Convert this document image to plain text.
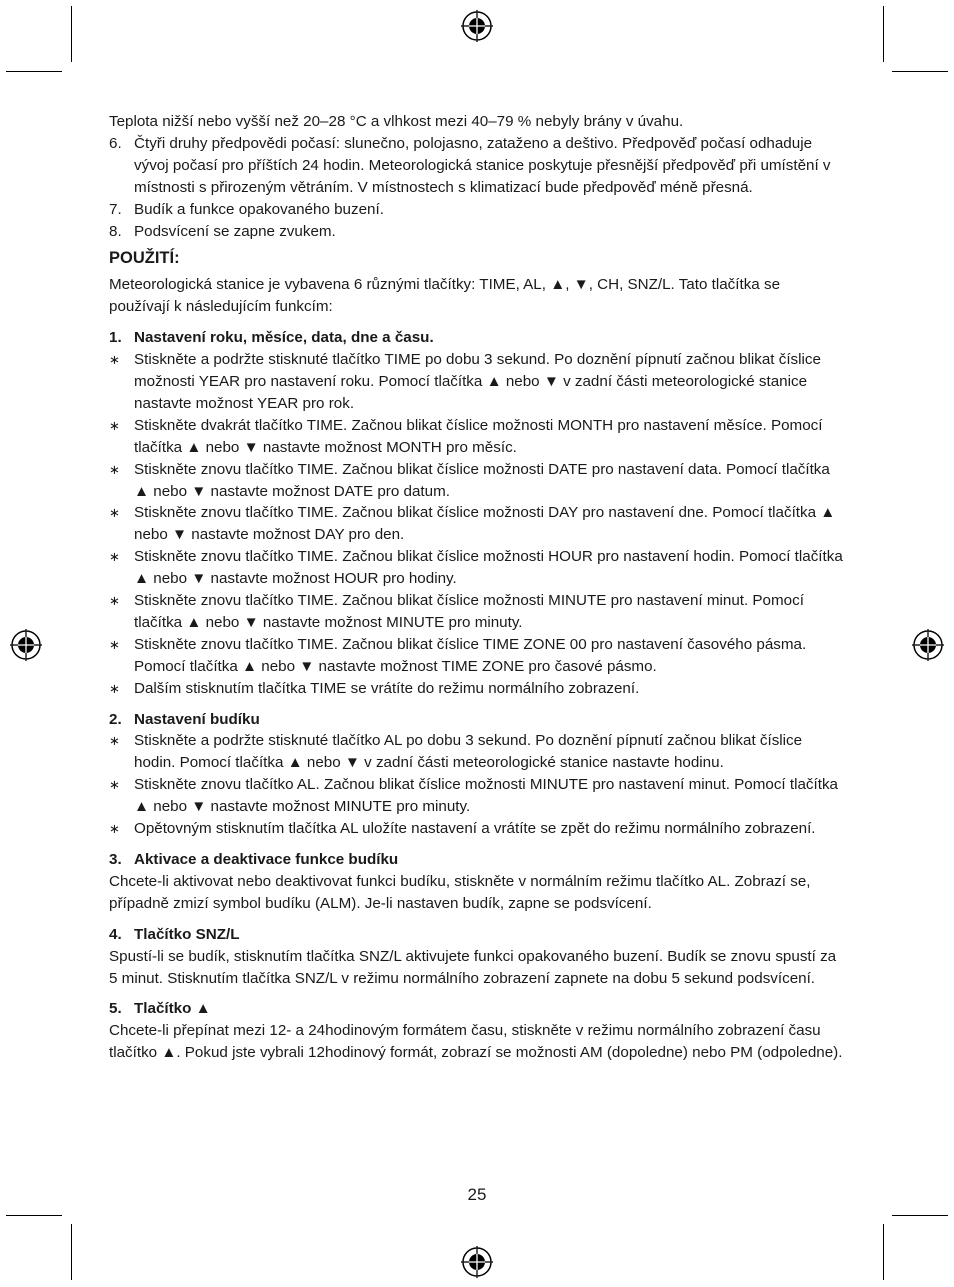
Teplota nižší nebo vyšší než 20–28 °C a vlhkost mezi 40–79 % nebyly brány v úvahu.

6. Čtyři druhy předpovědi počasí: slunečno, polojasno, zataženo a deštivo. Předpověď počasí odhaduje vývoj počasí pro příštích 24 hodin. Meteorologická stanice poskytuje přesnější předpověď při umístění v místnosti s přirozeným větráním. V místnostech s klimatizací bude předpověď méně přesná.
7. Budík a funkce opakovaného buzení.
8. Podsvícení se zapne zvukem.
POUŽITÍ:

Meteorologická stanice je vybavena 6 různými tlačítky: TIME, AL, ▲, ▼, CH, SNZ/L. Tato tlačítka se používají k následujícím funkcím:

1. Nastavení roku, měsíce, data, dne a času.
∗ Stiskněte a podržte stisknuté tlačítko TIME po dobu 3 sekund. Po doznění pípnutí začnou blikat číslice možnosti YEAR pro nastavení roku. Pomocí tlačítka ▲ nebo ▼ v zadní části meteorologické stanice nastavte možnost YEAR pro rok.
∗ Stiskněte dvakrát tlačítko TIME. Začnou blikat číslice možnosti MONTH pro nastavení měsíce. Pomocí tlačítka ▲ nebo ▼ nastavte možnost MONTH pro měsíc.
∗ Stiskněte znovu tlačítko TIME. Začnou blikat číslice možnosti DATE pro nastavení data. Pomocí tlačítka ▲ nebo ▼ nastavte možnost DATE pro datum.
∗ Stiskněte znovu tlačítko TIME. Začnou blikat číslice možnosti DAY pro nastavení dne. Pomocí tlačítka ▲ nebo ▼ nastavte možnost DAY pro den.
∗ Stiskněte znovu tlačítko TIME. Začnou blikat číslice možnosti HOUR pro nastavení hodin. Pomocí tlačítka ▲ nebo ▼ nastavte možnost HOUR pro hodiny.
∗ Stiskněte znovu tlačítko TIME. Začnou blikat číslice možnosti MINUTE pro nastavení minut. Pomocí tlačítka ▲ nebo ▼ nastavte možnost MINUTE pro minuty.
∗ Stiskněte znovu tlačítko TIME. Začnou blikat číslice TIME ZONE 00 pro nastavení časového pásma. Pomocí tlačítka ▲ nebo ▼ nastavte možnost TIME ZONE pro časové pásmo.
∗ Dalším stisknutím tlačítka TIME se vrátíte do režimu normálního zobrazení.
2. Nastavení budíku
∗ Stiskněte a podržte stisknuté tlačítko AL po dobu 3 sekund. Po doznění pípnutí začnou blikat číslice hodin. Pomocí tlačítka ▲ nebo ▼ v zadní části meteorologické stanice nastavte hodinu.
∗ Stiskněte znovu tlačítko AL. Začnou blikat číslice možnosti MINUTE pro nastavení minut. Pomocí tlačítka ▲ nebo ▼ nastavte možnost MINUTE pro minuty.
∗ Opětovným stisknutím tlačítka AL uložíte nastavení a vrátíte se zpět do režimu normálního zobrazení.
3. Aktivace a deaktivace funkce budíku

Chcete-li aktivovat nebo deaktivovat funkci budíku, stiskněte v normálním režimu tlačítko AL. Zobrazí se, případně zmizí symbol budíku (ALM). Je-li nastaven budík, zapne se podsvícení.

4. Tlačítko SNZ/L

Spustí-li se budík, stisknutím tlačítka SNZ/L aktivujete funkci opakovaného buzení. Budík se znovu spustí za 5 minut. Stisknutím tlačítka SNZ/L v režimu normálního zobrazení zapnete na dobu 5 sekund podsvícení.

5. Tlačítko ▲

Chcete-li přepínat mezi 12- a 24hodinovým formátem času, stiskněte v režimu normálního zobrazení času tlačítko ▲. Pokud jste vybrali 12hodinový formát, zobrazí se možnosti AM (dopoledne) nebo PM (odpoledne).

25
